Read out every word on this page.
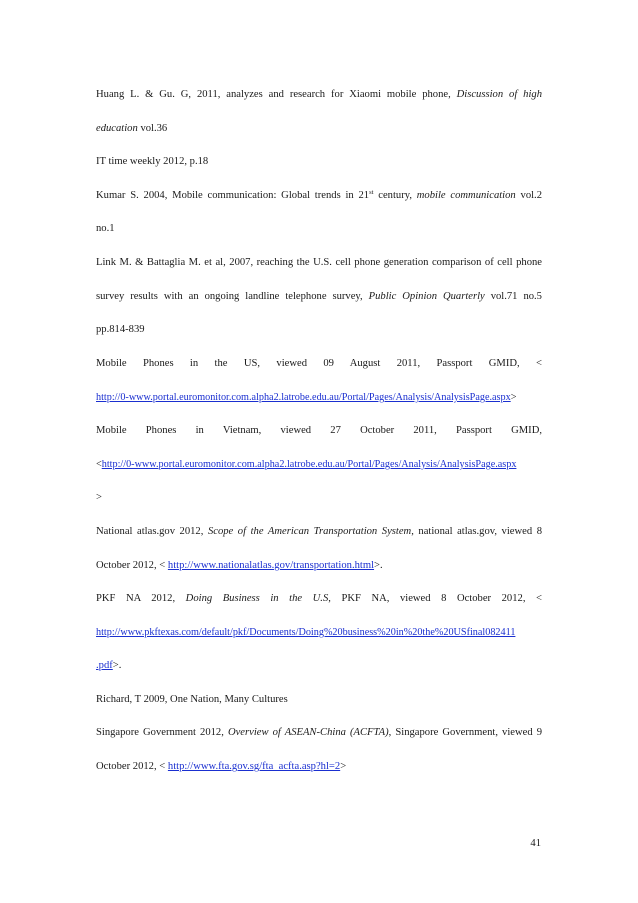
Huang L. & Gu. G, 2011, analyzes and research for Xiaomi mobile phone, Discussion of high
education vol.36
IT time weekly 2012, p.18
Kumar S. 2004, Mobile communication: Global trends in 21st century, mobile communication vol.2
no.1
Link M. & Battaglia M. et al, 2007, reaching the U.S. cell phone generation comparison of cell phone
survey results with an ongoing landline telephone survey, Public Opinion Quarterly vol.71 no.5
pp.814-839
Mobile Phones in the US, viewed 09 August 2011, Passport GMID, <
http://0-www.portal.euromonitor.com.alpha2.latrobe.edu.au/Portal/Pages/Analysis/AnalysisPage.aspx>
Mobile Phones in Vietnam, viewed 27 October 2011, Passport GMID,
<http://0-www.portal.euromonitor.com.alpha2.latrobe.edu.au/Portal/Pages/Analysis/AnalysisPage.aspx
>
National atlas.gov 2012, Scope of the American Transportation System, national atlas.gov, viewed 8
October 2012, < http://www.nationalatlas.gov/transportation.html>.
PKF NA 2012, Doing Business in the U.S, PKF NA, viewed 8 October 2012, <
http://www.pkftexas.com/default/pkf/Documents/Doing%20business%20in%20the%20USfinal082411
.pdf>.
Richard, T 2009, One Nation, Many Cultures
Singapore Government 2012, Overview of ASEAN-China (ACFTA), Singapore Government, viewed 9
October 2012, < http://www.fta.gov.sg/fta_acfta.asp?hl=2>
41
